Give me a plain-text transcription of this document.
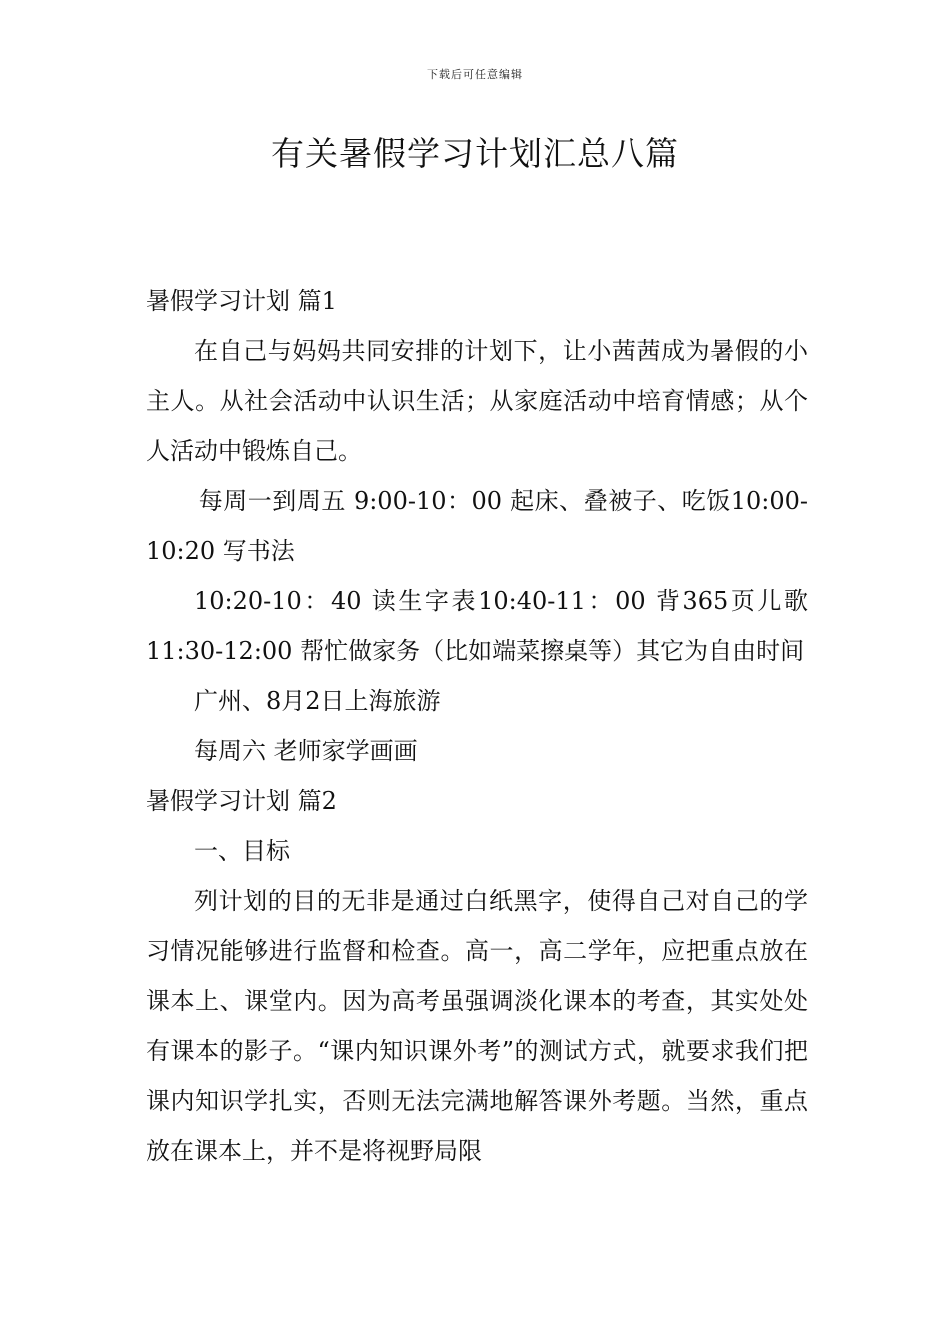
下载后可任意编辑
有关暑假学习计划汇总八篇

暑假学习计划 篇1

在自己与妈妈共同安排的计划下，让小茜茜成为暑假的小主人。从社会活动中认识生活；从家庭活动中培育情感；从个人活动中锻炼自己。

每周一到周五 9:00-10：00 起床、叠被子、吃饭10:00-10:20 写书法

10:20-10：40 读生字表10:40-11：00 背365页儿歌11:30-12:00 帮忙做家务（比如端菜擦桌等）其它为自由时间

广州、8月2日上海旅游

每周六 老师家学画画

暑假学习计划 篇2

一、目标

列计划的目的无非是通过白纸黑字，使得自己对自己的学习情况能够进行监督和检查。高一，高二学年，应把重点放在课本上、课堂内。因为高考虽强调淡化课本的考查，其实处处有课本的影子。“课内知识课外考”的测试方式，就要求我们把课内知识学扎实，否则无法完满地解答课外考题。当然，重点放在课本上，并不是将视野局限
